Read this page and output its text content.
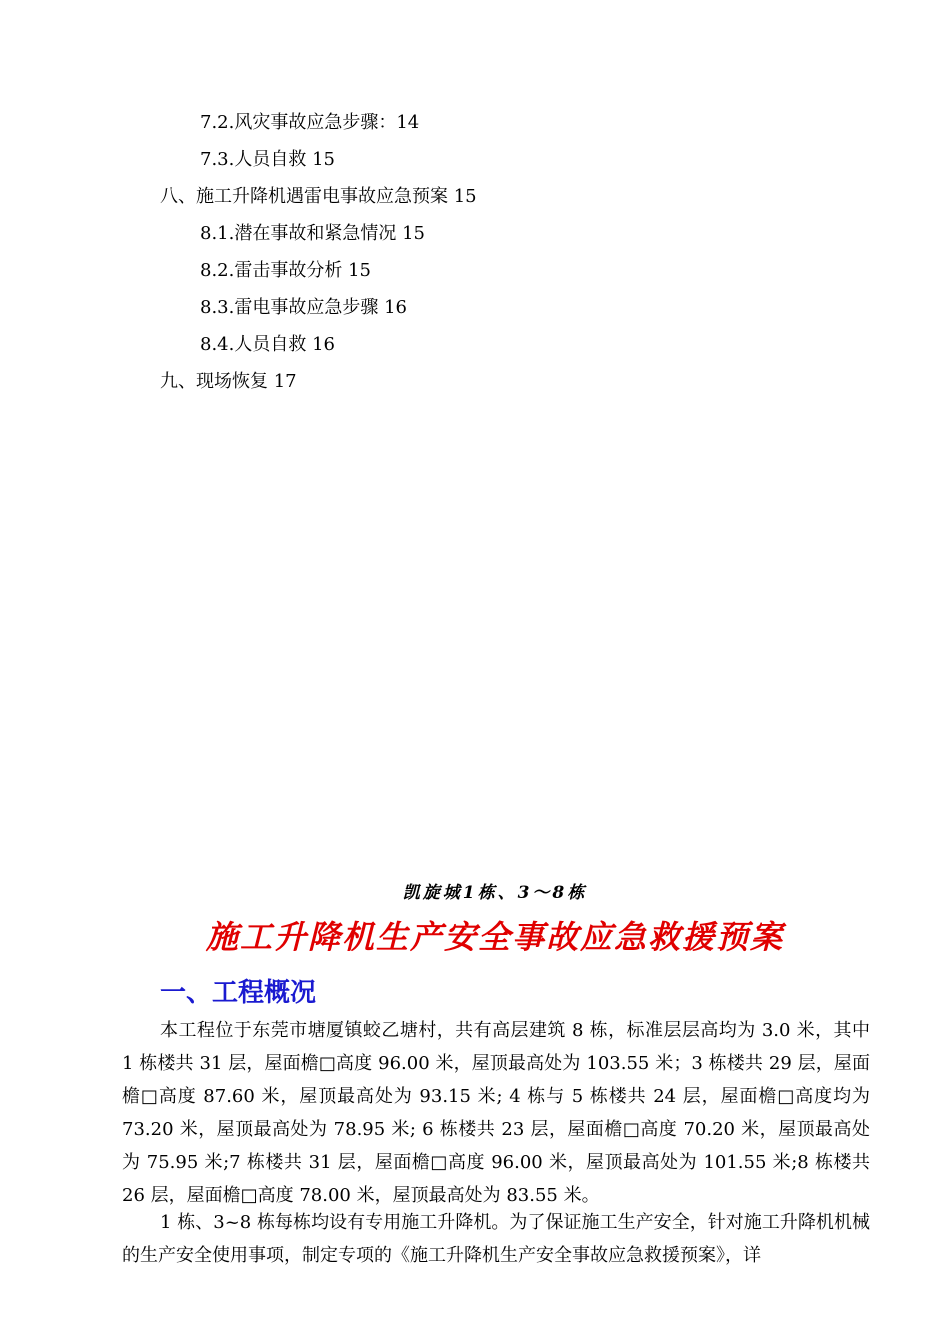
7.2.风灾事故应急步骤：14
7.3.人员自救 15
八、施工升降机遇雷电事故应急预案 15
8.1.潜在事故和紧急情况 15
8.2.雷击事故分析 15
8.3.雷电事故应急步骤 16
8.4.人员自救 16
九、现场恢复 17
凯旋城1栋、3～8栋
施工升降机生产安全事故应急救援预案
一、工程概况

本工程位于东莞市塘厦镇蛟乙塘村，共有高层建筑 8 栋，标准层层高均为 3.0 米，其中 1 栋楼共 31 层，屋面檐□高度 96.00 米，屋顶最高处为 103.55 米；3 栋楼共 29 层，屋面檐□高度 87.60 米，屋顶最高处为 93.15 米; 4 栋与 5 栋楼共 24 层，屋面檐□高度均为 73.20 米，屋顶最高处为 78.95 米; 6 栋楼共 23 层，屋面檐□高度 70.20 米，屋顶最高处为 75.95 米;7 栋楼共 31 层，屋面檐□高度 96.00 米，屋顶最高处为 101.55 米;8 栋楼共 26 层，屋面檐□高度 78.00 米，屋顶最高处为 83.55 米。

1 栋、3~8 栋每栋均设有专用施工升降机。为了保证施工生产安全，针对施工升降机机械的生产安全使用事项，制定专项的《施工升降机生产安全事故应急救援预案》，详
